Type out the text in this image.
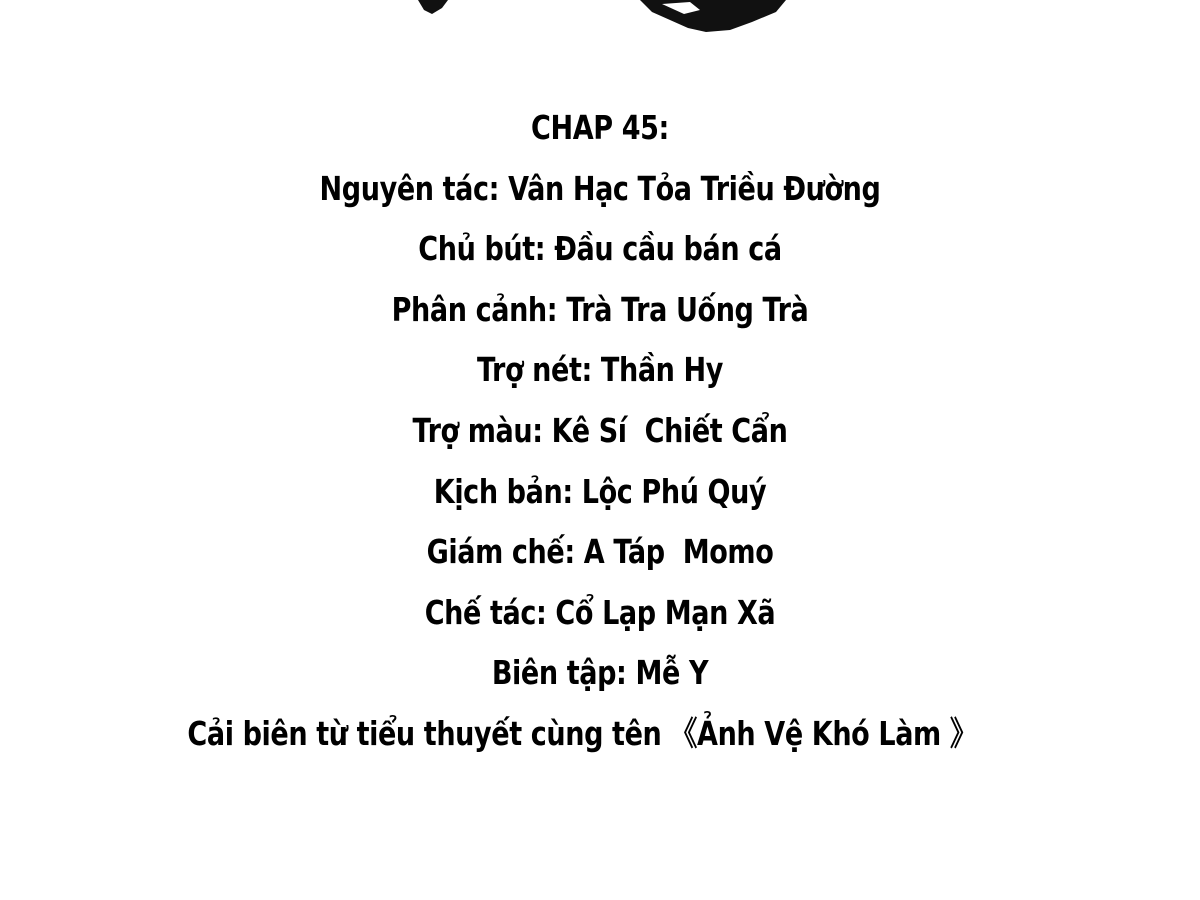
CHAP 45:
Nguyên tác: Vân Hạc Tỏa Triều Đường
Chủ bút: Đầu cầu bán cá
Phân cảnh: Trà Tra Uống Trà
Trợ nét: Thần Hy
Trợ màu: Kê Sí  Chiết Cẩn
Kịch bản: Lộc Phú Quý
Giám chế: A Táp  Momo
Chế tác: Cổ Lạp Mạn Xã
Biên tập: Mễ Y
Cải biên từ tiểu thuyết cùng tên 《Ảnh Vệ Khó Làm 》
